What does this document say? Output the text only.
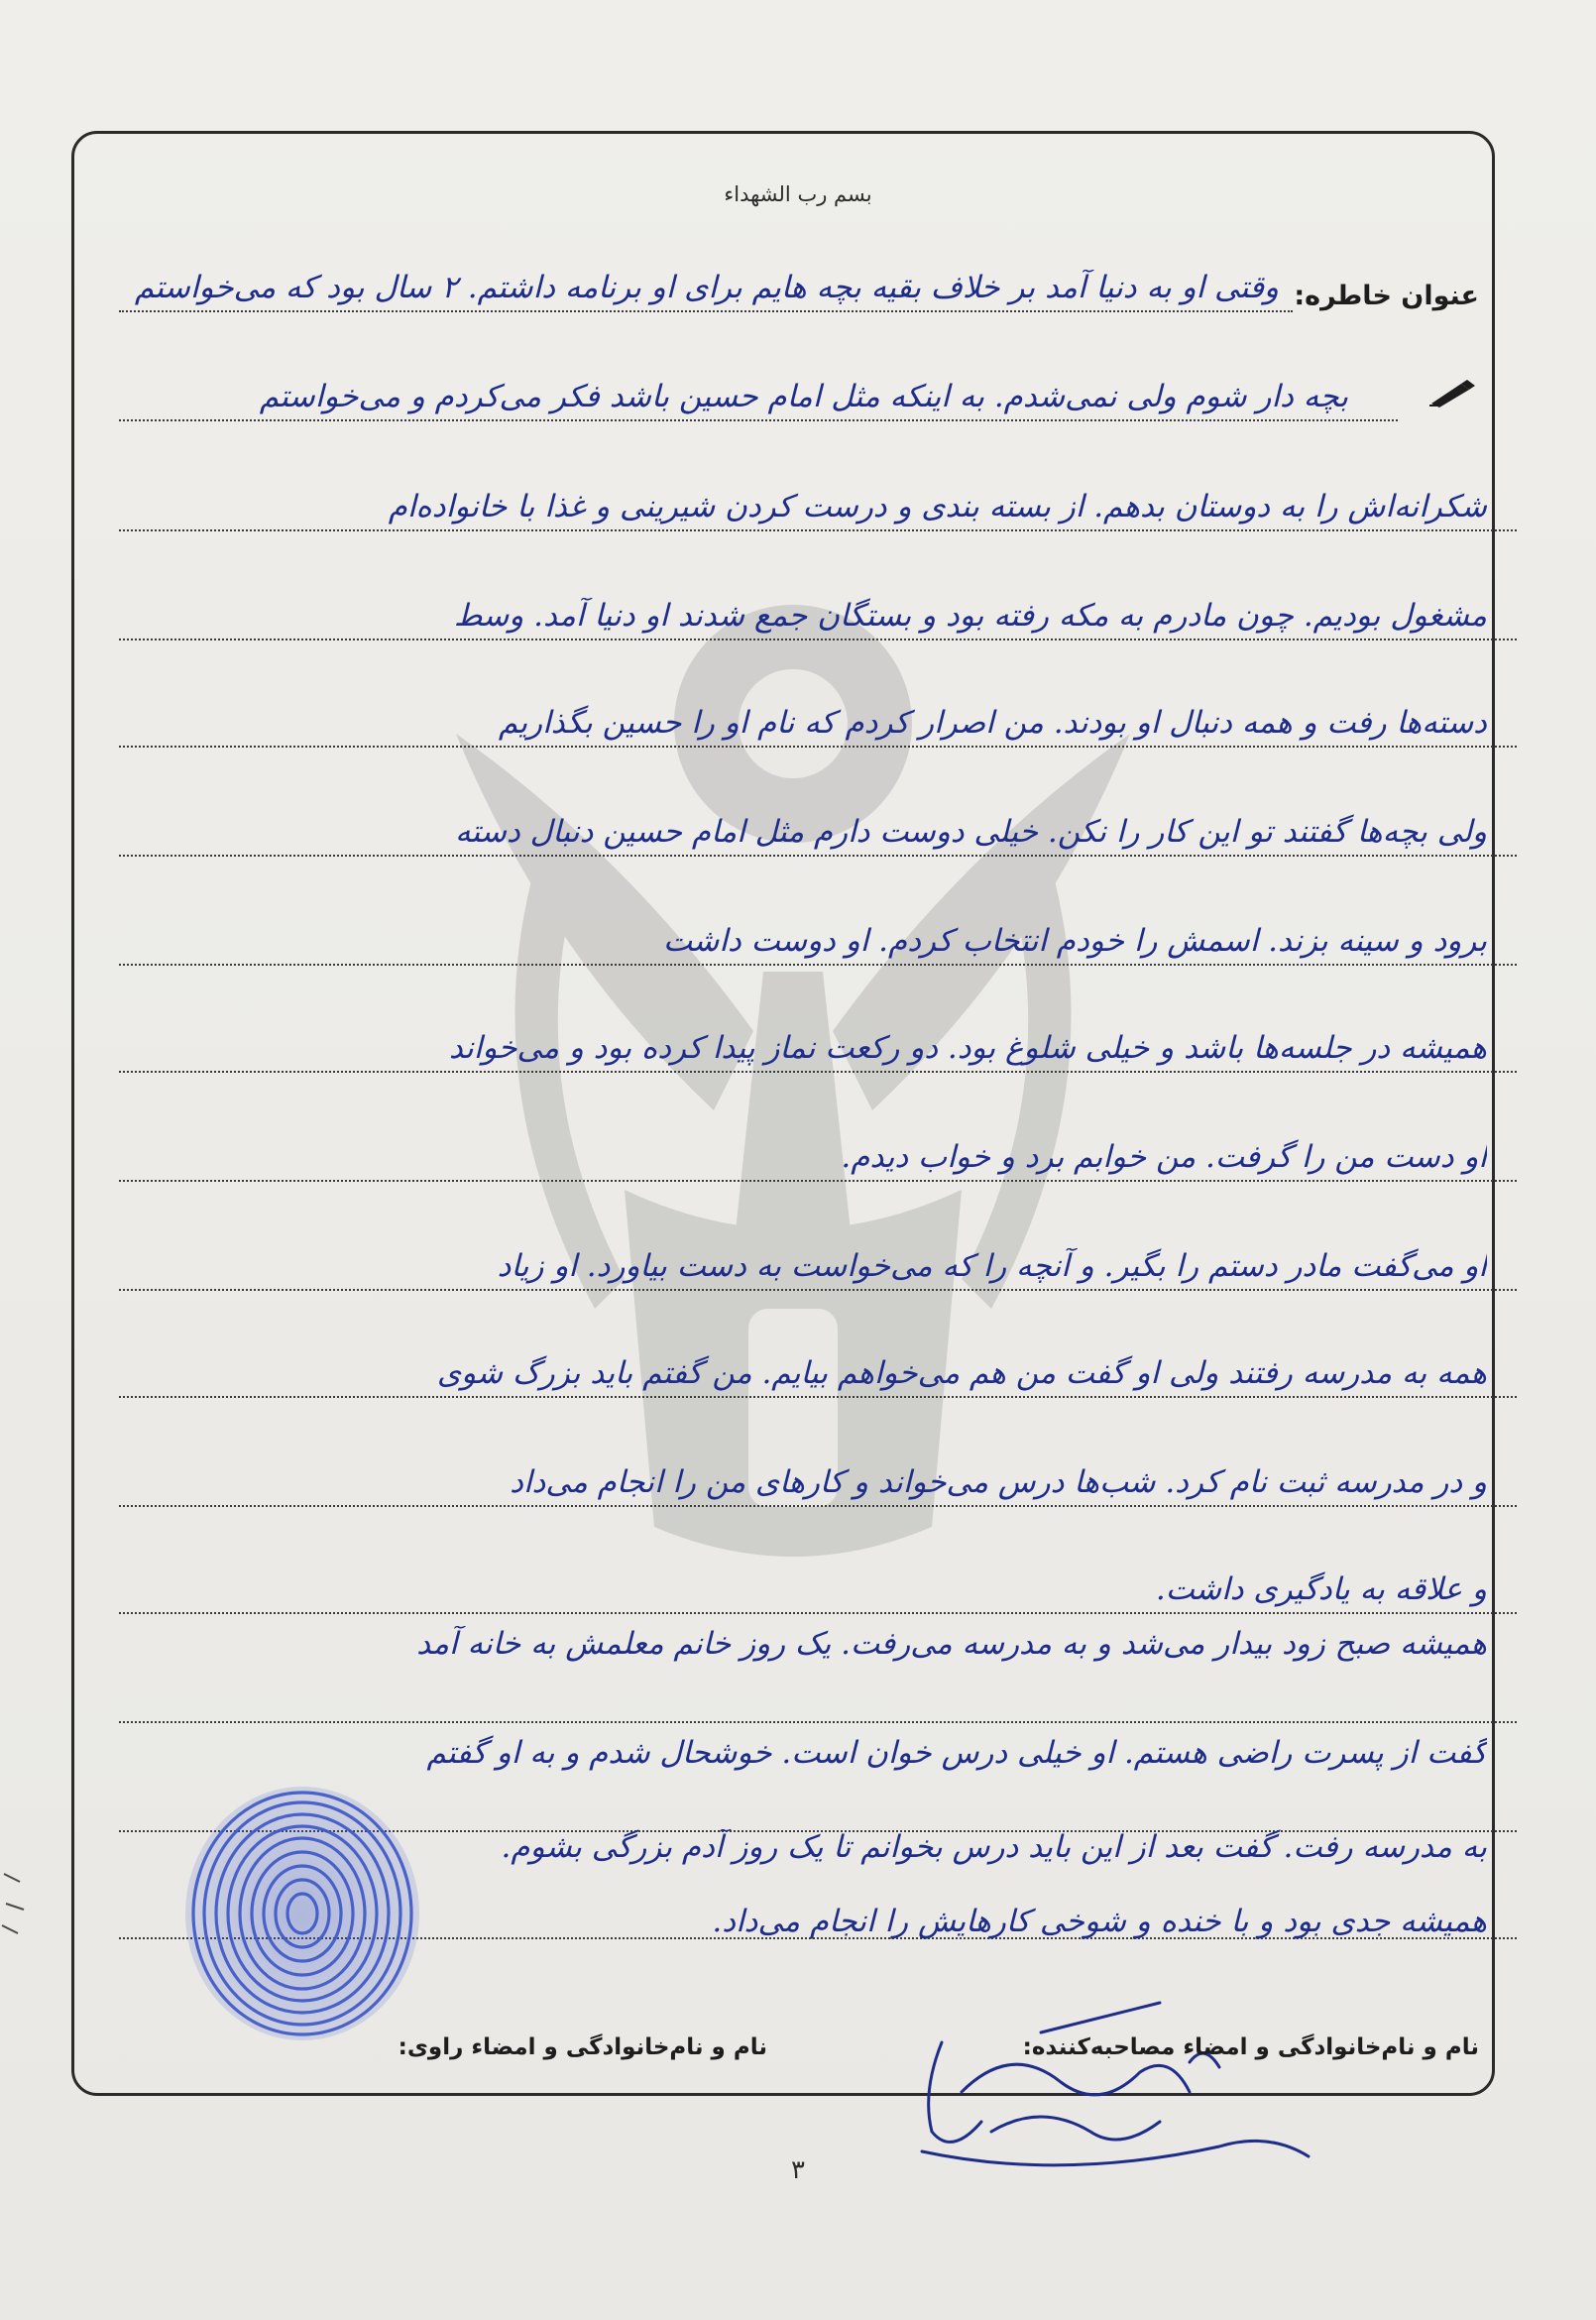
بسم رب الشهداء
عنوان خاطره:
وقتی او به دنیا آمد بر خلاف بقیه بچه هایم برای او برنامه داشتم. ۲ سال بود که می‌خواستم
بچه دار شوم ولی نمی‌شدم. به اینکه مثل امام حسین باشد فکر می‌کردم و می‌خواستم
شکرانه‌اش را به دوستان بدهم. از بسته بندی و درست کردن شیرینی و غذا با خانواده‌ام
مشغول بودیم. چون مادرم به مکه رفته بود و بستگان جمع شدند او دنیا آمد. وسط
دسته‌ها رفت و همه دنبال او بودند. من اصرار کردم که نام او را حسین بگذاریم
ولی بچه‌ها گفتند تو این کار را نکن. خیلی دوست دارم مثل امام حسین دنبال دسته
برود و سینه بزند. اسمش را خودم انتخاب کردم. او دوست داشت
همیشه در جلسه‌ها باشد و خیلی شلوغ بود. دو رکعت نماز پیدا کرده بود و می‌خواند
او دست من را گرفت. من خوابم برد و خواب دیدم.
او می‌گفت مادر دستم را بگیر. و آنچه را که می‌خواست به دست بیاورد. او زیاد
همه به مدرسه رفتند ولی او گفت من هم می‌خواهم بیایم. من گفتم باید بزرگ شوی
و در مدرسه ثبت نام کرد. شب‌ها درس می‌خواند و کارهای من را انجام می‌داد
و علاقه به یادگیری داشت.
همیشه صبح زود بیدار می‌شد و به مدرسه می‌رفت. یک روز خانم معلمش به خانه آمد
گفت از پسرت راضی هستم. او خیلی درس خوان است. خوشحال شدم و به او گفتم
به مدرسه رفت. گفت بعد از این باید درس بخوانم تا یک روز آدم بزرگی بشوم.
همیشه جدی بود و با خنده و شوخی کارهایش را انجام می‌داد.
نام و نام‌خانوادگی و امضاء مصاحبه‌کننده:
نام و نام‌خانوادگی و امضاء راوی:
۳
